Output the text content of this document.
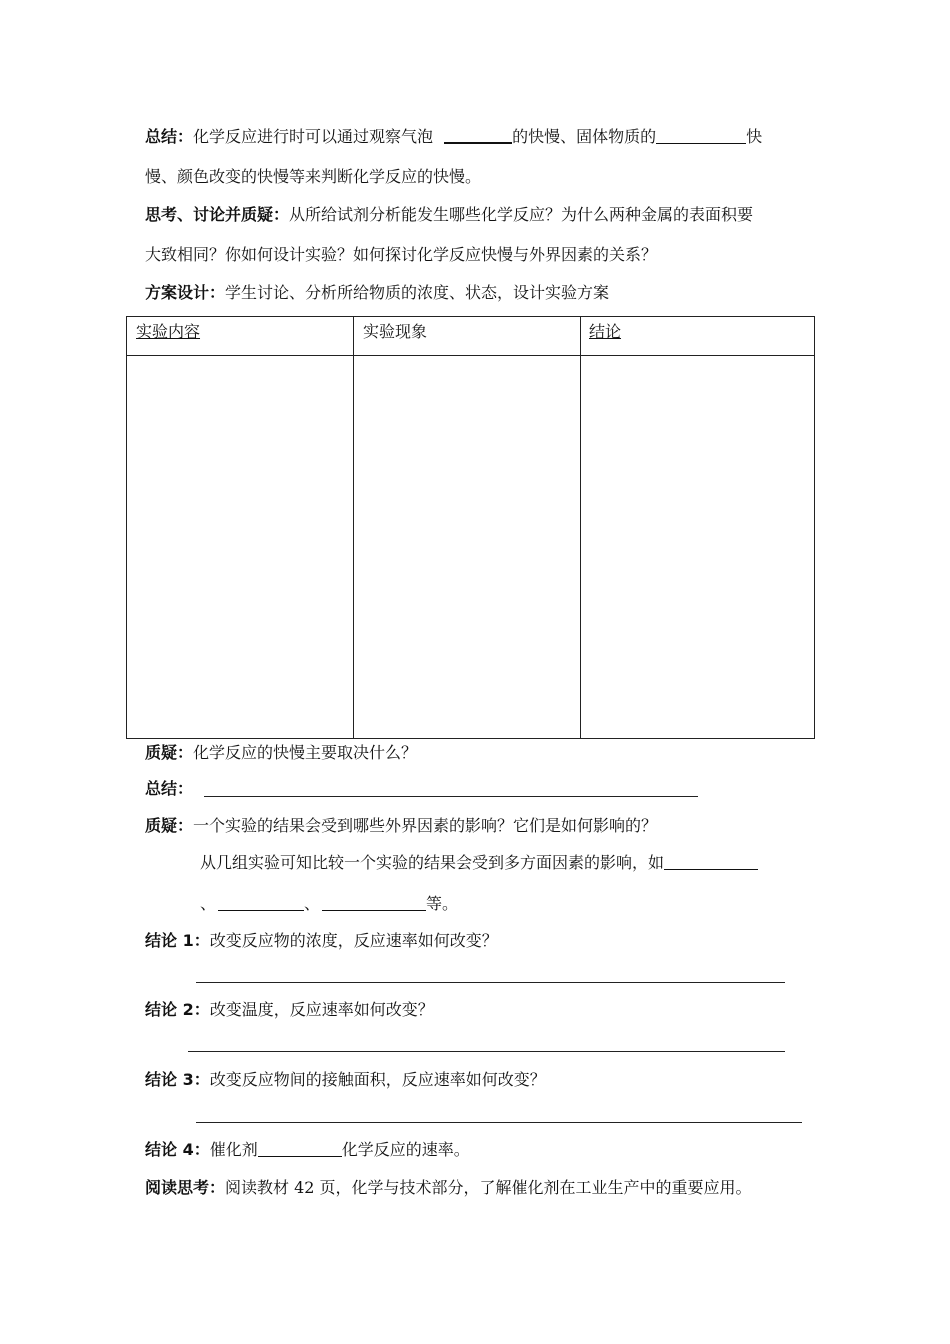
总结：化学反应进行时可以通过观察气泡	的快慢、固体物质的	快
慢、颜色改变的快慢等来判断化学反应的快慢。
思考、讨论并质疑：从所给试剂分析能发生哪些化学反应？为什么两种金属的表面积要
大致相同？你如何设计实验？如何探讨化学反应快慢与外界因素的关系？
方案设计：学生讨论、分析所给物质的浓度、状态，设计实验方案
实验内容	实验现象	结论
质疑：化学反应的快慢主要取决什么？
总结：
质疑：一个实验的结果会受到哪些外界因素的影响？它们是如何影响的？
从几组实验可知比较一个实验的结果会受到多方面因素的影响，如
、	、	等。
结论 1：改变反应物的浓度，反应速率如何改变？
结论 2：改变温度，反应速率如何改变？
结论 3：改变反应物间的接触面积，反应速率如何改变？
结论 4：催化剂	化学反应的速率。
阅读思考：阅读教材 42 页，化学与技术部分，了解催化剂在工业生产中的重要应用。
